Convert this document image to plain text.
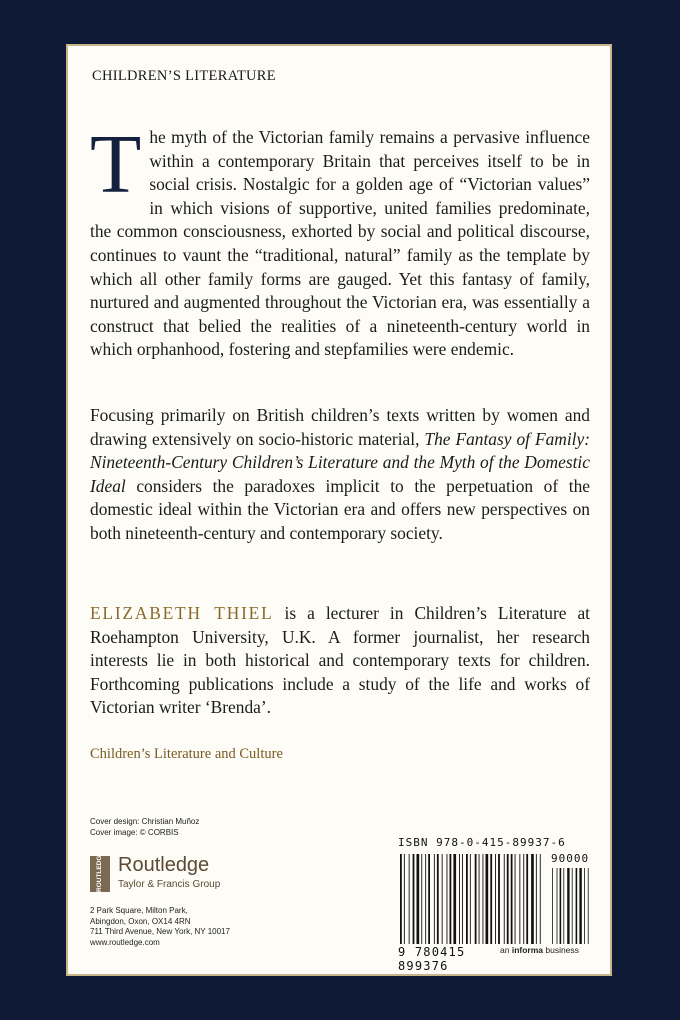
CHILDREN’S LITERATURE
The myth of the Victorian family remains a pervasive influence within a contemporary Britain that perceives itself to be in social crisis. Nostalgic for a golden age of “Victorian values” in which visions of supportive, united families predominate, the common consciousness, exhorted by social and political discourse, continues to vaunt the “traditional, natural” family as the template by which all other family forms are gauged. Yet this fantasy of family, nurtured and augmented throughout the Victorian era, was essentially a construct that belied the realities of a nineteenth-century world in which orphanhood, fostering and stepfamilies were endemic.
Focusing primarily on British children’s texts written by women and drawing extensively on socio-historic material, The Fantasy of Family: Nineteenth-Century Children’s Literature and the Myth of the Domestic Ideal considers the paradoxes implicit to the perpetuation of the domestic ideal within the Victorian era and offers new perspectives on both nineteenth-century and contemporary society.
ELIZABETH THIEL is a lecturer in Children’s Literature at Roehampton University, U.K. A former journalist, her research interests lie in both historical and contemporary texts for children. Forthcoming publications include a study of the life and works of Victorian writer ‘Brenda’.
Children’s Literature and Culture
Cover design: Christian Muñoz
Cover image: © CORBIS
ROUTLEDGE Routledge
Taylor & Francis Group
2 Park Square, Milton Park,
Abingdon, Oxon, OX14 4RN
711 Third Avenue, New York, NY 10017
www.routledge.com
ISBN 978-0-415-89937-6
90000
9 780415 899376
an informa business
